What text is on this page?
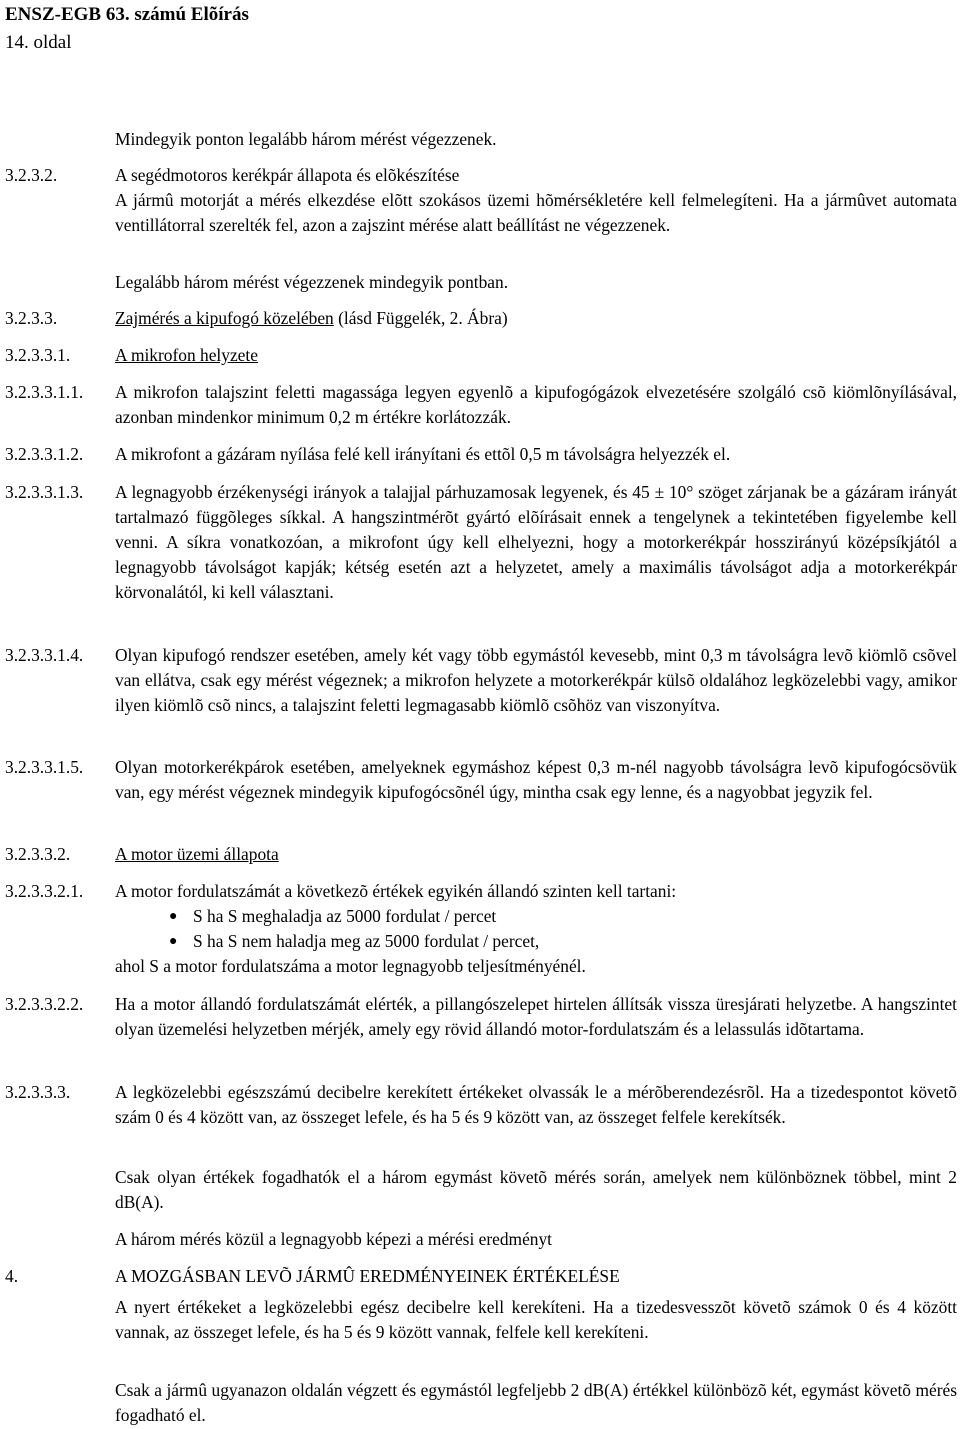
ENSZ-EGB 63. számú Elõírás
14. oldal
Mindegyik ponton legalább három mérést végezzenek.
3.2.3.2.	A segédmotoros kerékpár állapota és elõkészítése
A jármû motorját a mérés elkezdése elõtt szokásos üzemi hõmérsékletére kell felmelegíteni. Ha a jármûvet automata ventillátorral szerelték fel, azon a zajszint mérése alatt beállítást ne végezzenek.
Legalább három mérést végezzenek mindegyik pontban.
3.2.3.3.	Zajmérés a kipufogó közelében (lásd Függelék, 2. Ábra)
3.2.3.3.1.	A mikrofon helyzete
3.2.3.3.1.1. A mikrofon talajszint feletti magassága legyen egyenlõ a kipufogógázok elvezetésére szolgáló csõ kiömlõnyílásával, azonban mindenkor minimum 0,2 m értékre korlátozzák.
3.2.3.3.1.2. A mikrofont a gázáram nyílása felé kell irányítani és ettõl 0,5 m távolságra helyezzék el.
3.2.3.3.1.3. A legnagyobb érzékenységi irányok a talajjal párhuzamosak legyenek, és 45 ± 10° szöget zárjanak be a gázáram irányát tartalmazó függõleges síkkal. A hangszintmérõt gyártó elõírásait ennek a tengelynek a tekintetében figyelembe kell venni. A síkra vonatkozóan, a mikrofont úgy kell elhelyezni, hogy a motorkerékpár hosszirányú középsíkjától a legnagyobb távolságot kapják; kétség esetén azt a helyzetet, amely a maximális távolságot adja a motorkerékpár körvonalától, ki kell választani.
3.2.3.3.1.4. Olyan kipufogó rendszer esetében, amely két vagy több egymástól kevesebb, mint 0,3 m távolságra levõ kiömlõ csõvel van ellátva, csak egy mérést végeznek; a mikrofon helyzete a motorkerékpár külsõ oldalához legközelebbi vagy, amikor ilyen kiömlõ csõ nincs, a talajszint feletti legmagasabb kiömlõ csõhöz van viszonyítva.
3.2.3.3.1.5. Olyan motorkerékpárok esetében, amelyeknek egymáshoz képest 0,3 m-nél nagyobb távolságra levõ kipufogócsövük van, egy mérést végeznek mindegyik kipufogócsõnél úgy, mintha csak egy lenne, és a nagyobbat jegyzik fel.
3.2.3.3.2.	A motor üzemi állapota
3.2.3.3.2.1. A motor fordulatszámát a következõ értékek egyikén állandó szinten kell tartani:
● S ha S meghaladja az 5000 fordulat / percet
● S ha S nem haladja meg az 5000 fordulat / percet,
ahol S a motor fordulatszáma a motor legnagyobb teljesítményénél.
3.2.3.3.2.2. Ha a motor állandó fordulatszámát elérték, a pillangószelepet hirtelen állítsák vissza üresjárati helyzetbe. A hangszintet olyan üzemelési helyzetben mérjék, amely egy rövid állandó motor-fordulatszám és a lelassulás idõtartama.
3.2.3.3.3.	A legközelebbi egészszámú decibelre kerekített értékeket olvassák le a mérõberendezésrõl. Ha a tizedespontot követõ szám 0 és 4 között van, az összeget lefele, és ha 5 és 9 között van, az összeget felfele kerekítsék.
Csak olyan értékek fogadhatók el a három egymást követõ mérés során, amelyek nem különböznek többel, mint 2 dB(A).
A három mérés közül a legnagyobb képezi a mérési eredményt
4.	A MOZGÁSBAN LEVÕ JÁRMÛ EREDMÉNYEINEK ÉRTÉKELÉSE
A nyert értékeket a legközelebbi egész decibelre kell kerekíteni. Ha a tizedesvesszõt követõ számok 0 és 4 között vannak, az összeget lefele, és ha 5 és 9 között vannak, felfele kell kerekíteni.
Csak a jármû ugyanazon oldalán végzett és egymástól legfeljebb 2 dB(A) értékkel különbözõ két, egymást követõ mérés fogadható el.
